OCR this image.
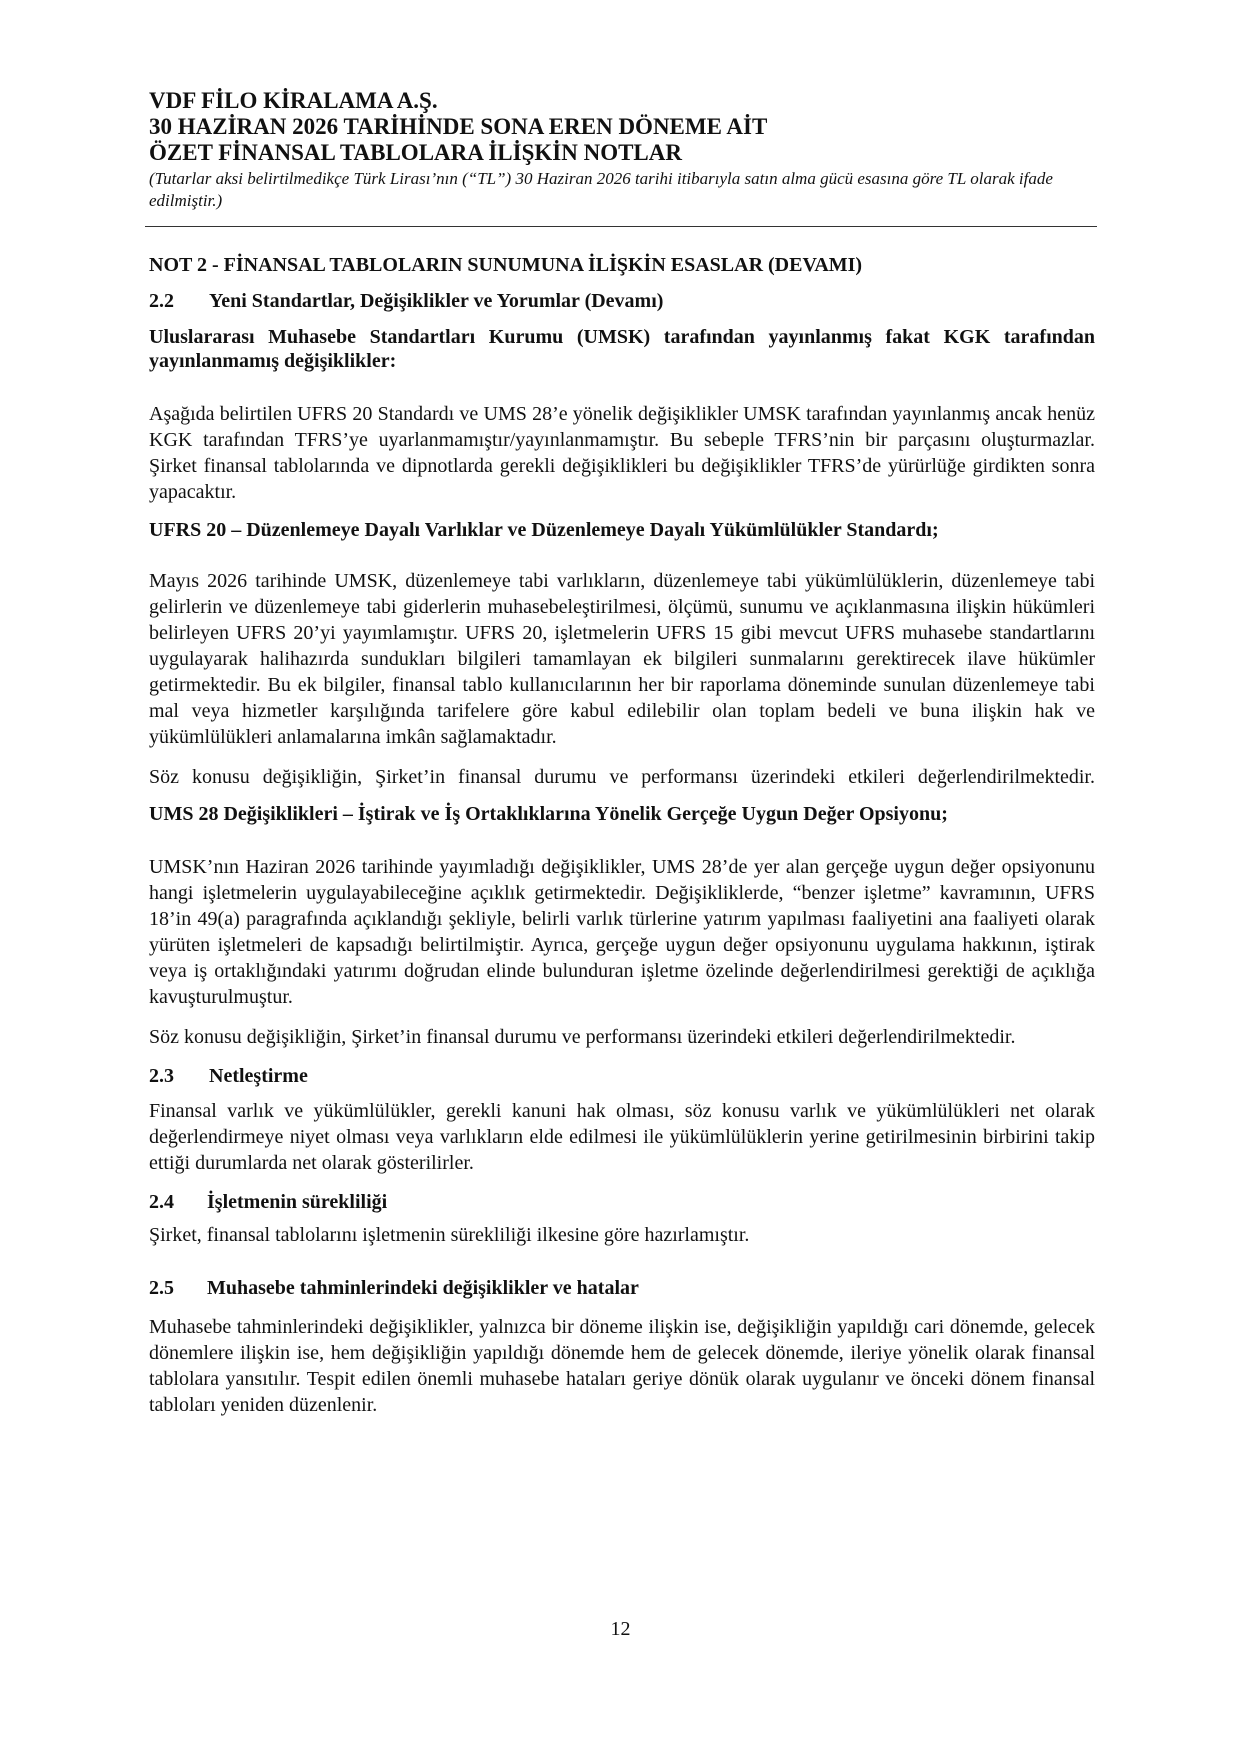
VDF FİLO KİRALAMA A.Ş.

30 HAZİRAN 2026 TARİHİNDE SONA EREN DÖNEME AİT

ÖZET FİNANSAL TABLOLARA İLİŞKİN NOTLAR

(Tutarlar aksi belirtilmedikçe Türk Lirası’nın (“TL”) 30 Haziran 2026 tarihi itibarıyla satın alma gücü esasına göre TL olarak ifade edilmiştir.)

NOT 2 - FİNANSAL TABLOLARIN SUNUMUNA İLİŞKİN ESASLAR (DEVAMI)

2.2	Yeni Standartlar, Değişiklikler ve Yorumlar (Devamı)

Uluslararası Muhasebe Standartları Kurumu (UMSK) tarafından yayınlanmış fakat KGK tarafından yayınlanmamış değişiklikler:

Aşağıda belirtilen UFRS 20 Standardı ve UMS 28’e yönelik değişiklikler UMSK tarafından yayınlanmış ancak henüz KGK tarafından TFRS’ye uyarlanmamıştır/yayınlanmamıştır. Bu sebeple TFRS’nin bir parçasını oluşturmazlar. Şirket finansal tablolarında ve dipnotlarda gerekli değişiklikleri bu değişiklikler TFRS’de yürürlüğe girdikten sonra yapacaktır.

UFRS 20 – Düzenlemeye Dayalı Varlıklar ve Düzenlemeye Dayalı Yükümlülükler Standardı;

Mayıs 2026 tarihinde UMSK, düzenlemeye tabi varlıkların, düzenlemeye tabi yükümlülüklerin, düzenlemeye tabi gelirlerin ve düzenlemeye tabi giderlerin muhasebeleştirilmesi, ölçümü, sunumu ve açıklanmasına ilişkin hükümleri belirleyen UFRS 20’yi yayımlamıştır. UFRS 20, işletmelerin UFRS 15 gibi mevcut UFRS muhasebe standartlarını uygulayarak halihazırda sundukları bilgileri tamamlayan ek bilgileri sunmalarını gerektirecek ilave hükümler getirmektedir. Bu ek bilgiler, finansal tablo kullanıcılarının her bir raporlama döneminde sunulan düzenlemeye tabi mal veya hizmetler karşılığında tarifelere göre kabul edilebilir olan toplam bedeli ve buna ilişkin hak ve yükümlülükleri anlamalarına imkân sağlamaktadır.

Söz konusu değişikliğin, Şirket’in finansal durumu ve performansı üzerindeki etkileri değerlendirilmektedir.

UMS 28 Değişiklikleri – İştirak ve İş Ortaklıklarına Yönelik Gerçeğe Uygun Değer Opsiyonu;

UMSK’nın Haziran 2026 tarihinde yayımladığı değişiklikler, UMS 28’de yer alan gerçeğe uygun değer opsiyonunu hangi işletmelerin uygulayabileceğine açıklık getirmektedir. Değişikliklerde, “benzer işletme” kavramının, UFRS 18’in 49(a) paragrafında açıklandığı şekliyle, belirli varlık türlerine yatırım yapılması faaliyetini ana faaliyeti olarak yürüten işletmeleri de kapsadığı belirtilmiştir. Ayrıca, gerçeğe uygun değer opsiyonunu uygulama hakkının, iştirak veya iş ortaklığındaki yatırımı doğrudan elinde bulunduran işletme özelinde değerlendirilmesi gerektiği de açıklığa kavuşturulmuştur.

Söz konusu değişikliğin, Şirket’in finansal durumu ve performansı üzerindeki etkileri değerlendirilmektedir.

2.3	Netleştirme

Finansal varlık ve yükümlülükler, gerekli kanuni hak olması, söz konusu varlık ve yükümlülükleri net olarak değerlendirmeye niyet olması veya varlıkların elde edilmesi ile yükümlülüklerin yerine getirilmesinin birbirini takip ettiği durumlarda net olarak gösterilirler.

2.4	İşletmenin sürekliliği

Şirket, finansal tablolarını işletmenin sürekliliği ilkesine göre hazırlamıştır.

2.5	Muhasebe tahminlerindeki değişiklikler ve hatalar

Muhasebe tahminlerindeki değişiklikler, yalnızca bir döneme ilişkin ise, değişikliğin yapıldığı cari dönemde, gelecek dönemlere ilişkin ise, hem değişikliğin yapıldığı dönemde hem de gelecek dönemde, ileriye yönelik olarak finansal tablolara yansıtılır. Tespit edilen önemli muhasebe hataları geriye dönük olarak uygulanır ve önceki dönem finansal tabloları yeniden düzenlenir.

12
